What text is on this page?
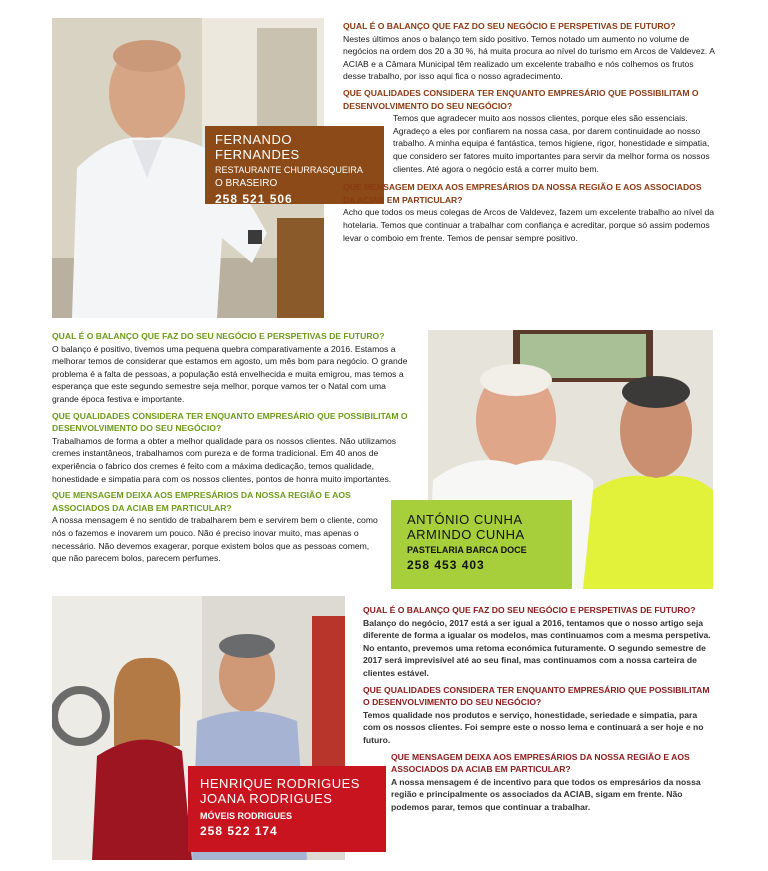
FERNANDO FERNANDES
RESTAURANTE CHURRASQUEIRA
O BRASEIRO
258 521 506
QUAL É O BALANÇO QUE FAZ DO SEU NEGÓCIO E PERSPETIVAS DE FUTURO?

Nestes últimos anos o balanço tem sido positivo. Temos notado um aumento no volume de negócios na ordem dos 20 a 30 %, há muita procura ao nível do turismo em Arcos de Valdevez. A ACIAB e a Câmara Municipal têm realizado um excelente trabalho e nós colhemos os frutos desse trabalho, por isso aqui fica o nosso agradecimento.

QUE QUALIDADES CONSIDERA TER ENQUANTO EMPRESÁRIO QUE POSSIBILITAM O DESENVOLVIMENTO DO SEU NEGÓCIO?

Temos que agradecer muito aos nossos clientes, porque eles são essenciais. Agradeço a eles por confiarem na nossa casa, por darem continuidade ao nosso trabalho. A minha equipa é fantástica, temos higiene, rigor, honestidade e simpatia, que considero ser fatores muito importantes para servir da melhor forma os nossos clientes. Até agora o negócio está a correr muito bem.

QUE MENSAGEM DEIXA AOS EMPRESÁRIOS DA NOSSA REGIÃO E AOS ASSOCIADOS DA ACIAB EM PARTICULAR?

Acho que todos os meus colegas de Arcos de Valdevez, fazem um excelente trabalho ao nível da hotelaria. Temos que continuar a trabalhar com confiança e acreditar, porque só assim podemos levar o comboio em frente. Temos de pensar sempre positivo.

QUAL É O BALANÇO QUE FAZ DO SEU NEGÓCIO E PERSPETIVAS DE FUTURO?

O balanço é positivo, tivemos uma pequena quebra comparativamente a 2016. Estamos a melhorar temos de considerar que estamos em agosto, um mês bom para negócio. O grande problema é a falta de pessoas, a população está envelhecida e muita emigrou, mas temos a esperança que este segundo semestre seja melhor, porque vamos ter o Natal com uma grande época festiva e importante.

QUE QUALIDADES CONSIDERA TER ENQUANTO EMPRESÁRIO QUE POSSIBILITAM O DESENVOLVIMENTO DO SEU NEGÓCIO?

Trabalhamos de forma a obter a melhor qualidade para os nossos clientes. Não utilizamos cremes instantâneos, trabalhamos com pureza e de forma tradicional. Em 40 anos de experiência o fabrico dos cremes é feito com a máxima dedicação, temos qualidade, honestidade e simpatia para com os nossos clientes, pontos de honra muito importantes.

QUE MENSAGEM DEIXA AOS EMPRESÁRIOS DA NOSSA REGIÃO E AOS ASSOCIADOS DA ACIAB EM PARTICULAR?

A nossa mensagem é no sentido de trabalharem bem e servirem bem o cliente, como nós o fazemos e inovarem um pouco. Não é preciso inovar muito, mas apenas o necessário. Não devemos exagerar, porque existem bolos que as pessoas comem, que não parecem bolos, parecem perfumes.

ANTÓNIO CUNHA
ARMINDO CUNHA
PASTELARIA BARCA DOCE
258 453 403
HENRIQUE RODRIGUES
JOANA RODRIGUES
MÓVEIS RODRIGUES
258 522 174
QUAL É O BALANÇO QUE FAZ DO SEU NEGÓCIO E PERSPETIVAS DE FUTURO?

Balanço do negócio, 2017 está a ser igual a 2016, tentamos que o nosso artigo seja diferente de forma a igualar os modelos, mas continuamos com a mesma perspetiva. No entanto, prevemos uma retoma económica futuramente. O segundo semestre de 2017 será imprevisível até ao seu final, mas continuamos com a nossa carteira de clientes estável.

QUE QUALIDADES CONSIDERA TER ENQUANTO EMPRESÁRIO QUE POSSIBILITAM O DESENVOLVIMENTO DO SEU NEGÓCIO?

Temos qualidade nos produtos e serviço, honestidade, seriedade e simpatia, para com os nossos clientes. Foi sempre este o nosso lema e continuará a ser hoje e no futuro.

QUE MENSAGEM DEIXA AOS EMPRESÁRIOS DA NOSSA REGIÃO E AOS ASSOCIADOS DA ACIAB EM PARTICULAR?

A nossa mensagem é de incentivo para que todos os empresários da nossa região e principalmente os associados da ACIAB, sigam em frente. Não podemos parar, temos que continuar a trabalhar.
